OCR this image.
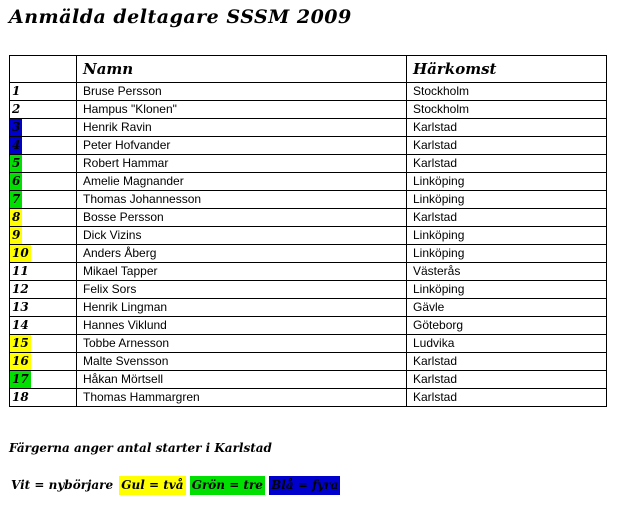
Anmälda deltagare SSSM 2009
	Namn	Härkomst
1	Bruse Persson	Stockholm
2	Hampus "Klonen"	Stockholm
3	Henrik Ravin	Karlstad
4	Peter Hofvander	Karlstad
5	Robert Hammar	Karlstad
6	Amelie Magnander	Linköping
7	Thomas Johannesson	Linköping
8	Bosse Persson	Karlstad
9	Dick Vizins	Linköping
10	Anders Åberg	Linköping
11	Mikael Tapper	Västerås
12	Felix Sors	Linköping
13	Henrik Lingman	Gävle
14	Hannes Viklund	Göteborg
15	Tobbe Arnesson	Ludvika
16	Malte Svensson	Karlstad
17	Håkan Mörtsell	Karlstad
18	Thomas Hammargren	Karlstad
Färgerna anger antal starter i Karlstad
Vit = nybörjare Gul = två Grön = tre Blå = fyra
